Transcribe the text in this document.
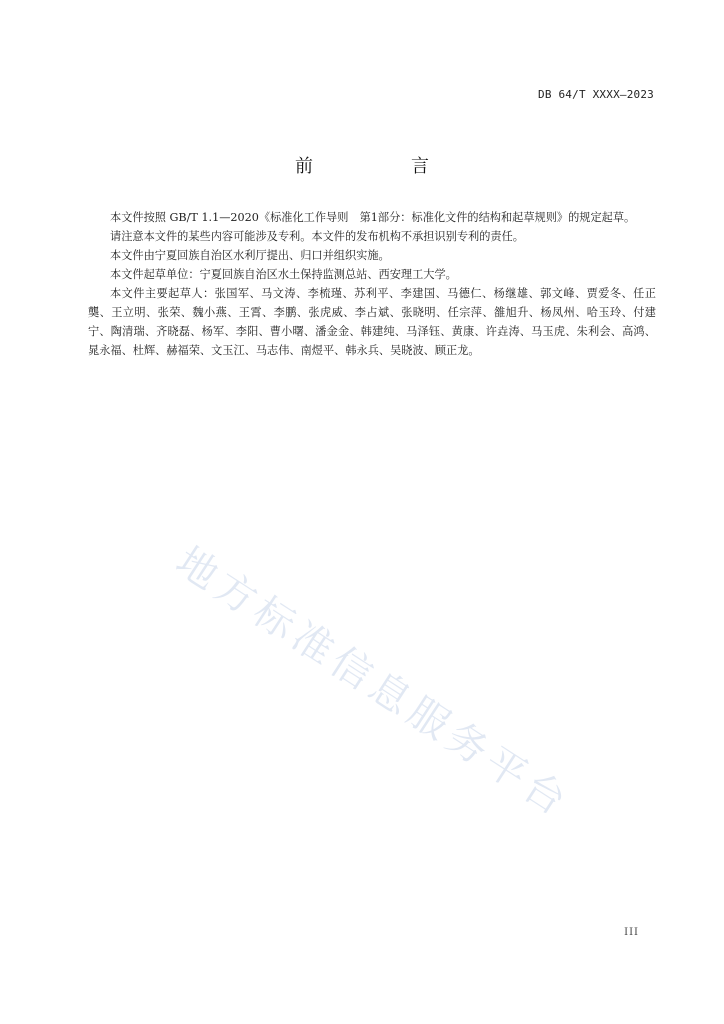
DB 64/T XXXX—2023
前　言

本文件按照 GB/T 1.1—2020《标准化工作导则　第1部分：标准化文件的结构和起草规则》的规定起草。

请注意本文件的某些内容可能涉及专利。本文件的发布机构不承担识别专利的责任。

本文件由宁夏回族自治区水利厅提出、归口并组织实施。

本文件起草单位：宁夏回族自治区水土保持监测总站、西安理工大学。

本文件主要起草人：张国军、马文涛、李梳瑾、苏利平、李建国、马德仁、杨继雄、郭文峰、贾爱冬、任正龑、王立明、张荣、魏小燕、王霄、李鹏、张虎威、李占斌、张晓明、任宗萍、雒旭升、杨凤州、哈玉玲、付建宁、陶清瑞、齐晓磊、杨军、李阳、曹小曙、潘金金、韩建纯、马泽钰、黄康、许垚涛、马玉虎、朱利会、高鸿、晁永福、杜辉、赫福荣、文玉江、马志伟、南煜平、韩永兵、吴晓波、顾正龙。

地方标准信息服务平台
III
